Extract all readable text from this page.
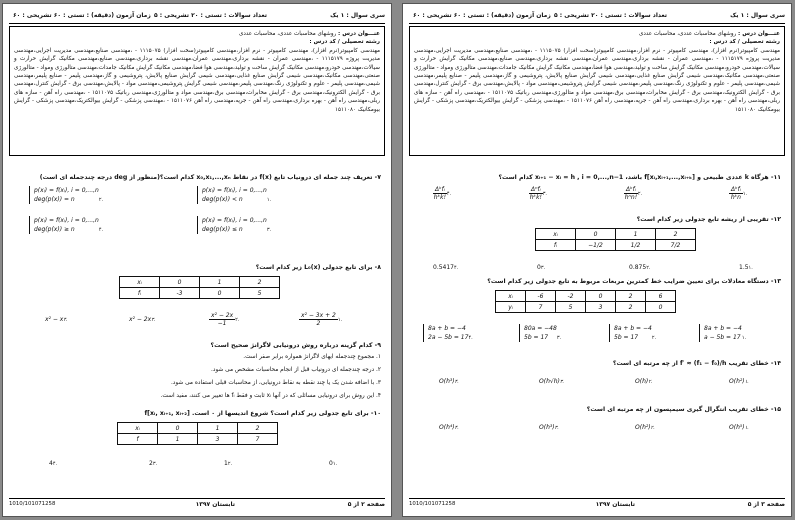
سری سوال : ۱ یک
تعداد سوالات : تستی : ۲۰ تشریحی : ۵
زمان آزمون (دقیقه) : تستی : ۶۰ تشریحی : ۶۰
عنـــوان درس : روشهای محاسبات عددی، محاسبات عددی
رشته تحصیلی / کد درس :
مهندسی کامپیوتر(نرم افزار)، مهندسی کامپیوتر - نرم افزار،مهندسی کامپیوتر(سخت افزار) ۱۱۱۵۰۷۵ - ،مهندسی صنایع،مهندسی مدیریت اجرایی،مهندسی مدیریت پروژه ۱۱۱۵۱۷۹ - ،مهندسی عمران - نقشه برداری،مهندسی عمران،مهندسی نقشه برداری،مهندسی صنایع،مهندسی مکانیک گرایش حرارت و سیالات،مهندسی خودرو،مهندسی مکانیک گرایش ساخت و تولید،مهندسی هوا فضا،مهندسی مکانیک گرایش مکانیک جامدات،مهندسی متالورژی ومواد - متالورژی صنعتی،مهندسی مکانیک،مهندسی شیمی گرایش صنایع غذایی،مهندسی شیمی گرایش صنایع پالایش، پتروشیمی و گاز،مهندسی پلیمر - صنایع پلیمر،مهندسی شیمی،مهندسی پلیمر - علوم و تکنولوژی رنگ،مهندسی پلیمر،مهندسی شیمی گرایش پتروشیمی،مهندسی مواد - پالایش،مهندسی برق - گرایش کنترل،مهندسی برق - گرایش الکترونیک،مهندسی برق - گرایش مخابرات،مهندسی برق،مهندسی مواد و متالورژی،مهندسی رباتیک ۱۵۱۱۰۷۵ - ،مهندسی راه آهن - سازه های ریلی،مهندسی راه آهن - بهره برداری،مهندسی راه آهن - جریه،مهندسی راه آهن ۱۵۱۱۰۷۶ - ،مهندسی پزشکی - گرایش بیوالکتریک،مهندسی پزشکی - گرایش بیومکانیک ۱۵۱۱۰۸۰
۷- تعریف چند جمله ای درونیاب تابع f(x) در نقاط x₀,x₁,...,xₙ کدام است؟(منظور از deg درجه چندجمله ای است)
p(xᵢ) = f(xᵢ), i = 0,...,n
deg(p(x)) < n	۱.
p(xᵢ) = f(xᵢ), i = 0,...,n
deg(p(x)) = n	۲.
p(xᵢ) = f(xᵢ), i = 0,...,n
deg(p(x)) ≤ n	۳.
p(xᵢ) = f(xᵢ), i = 0,...,n
deg(p(x)) ≥ n	۴.
۸- برای تابع جدولی L₀(x) زیر کدام است؟
xᵢ	0	1	2
fᵢ	-3	0	5
$\frac{\text{x² − 3x + 2}}{2}$ ۱.
$\frac{\text{x² − 2x}}{-1}$ ۲.
x² − 2x۳.
x² − x۴.
۹- کدام گزینه درباره روش درونیابی لاگرانژ صحیح است؟
۱. مجموع چندجمله ایهای لاگرانژ همواره برابر صفر است.
۲. درجه چندجمله ای درونیاب قبل از انجام محاسبات مشخص می شود.
۳. با اضافه شدن یک یا چند نقطه به نقاط درونیابی، از محاسبات قبلی استفاده می شود.
۴. این روش برای درونیابی مسائلی که در آنها xᵢ ثابت و فقط fᵢ ها تغییر می کنند، مفید است.
۱۰- برای تابع جدولی زیر کدام است؟ شروع اندیسها از ۰ است. f[xᵢ, xᵢ₊₁, xᵢ₊₂]
xᵢ	0	1	2
f	1	3	7
0۱.
1۲.
2۳.
4۴.
صفحه ۲ از ۵
تابستان ۱۳۹۷
1010/101071258
سری سوال : ۱ یک
تعداد سوالات : تستی : ۲۰ تشریحی : ۵
زمان آزمون (دقیقه) : تستی : ۶۰ تشریحی : ۶۰
عنـــوان درس : روشهای محاسبات عددی، محاسبات عددی
رشته تحصیلی / کد درس :
مهندسی کامپیوتر(نرم افزار)، مهندسی کامپیوتر - نرم افزار،مهندسی کامپیوتر(سخت افزار) ۱۱۱۵۰۷۵ - ،مهندسی صنایع،مهندسی مدیریت اجرایی،مهندسی مدیریت پروژه ۱۱۱۵۱۷۹ - ،مهندسی عمران - نقشه برداری،مهندسی عمران،مهندسی نقشه برداری،مهندسی صنایع،مهندسی مکانیک گرایش حرارت و سیالات،مهندسی خودرو،مهندسی مکانیک گرایش ساخت و تولید،مهندسی هوا فضا،مهندسی مکانیک گرایش مکانیک جامدات،مهندسی متالورژی ومواد - متالورژی صنعتی،مهندسی مکانیک،مهندسی شیمی گرایش صنایع غذایی،مهندسی شیمی گرایش صنایع پالایش، پتروشیمی و گاز،مهندسی پلیمر - صنایع پلیمر،مهندسی شیمی،مهندسی پلیمر - علوم و تکنولوژی رنگ،مهندسی پلیمر،مهندسی شیمی گرایش پتروشیمی،مهندسی مواد - پالایش،مهندسی برق - گرایش کنترل،مهندسی برق - گرایش الکترونیک،مهندسی برق - گرایش مخابرات،مهندسی برق،مهندسی مواد و متالورژی،مهندسی رباتیک ۱۵۱۱۰۷۵ - ،مهندسی راه آهن - سازه های ریلی،مهندسی راه آهن - بهره برداری،مهندسی راه آهن - جریه،مهندسی راه آهن ۱۵۱۱۰۷۶ - ،مهندسی پزشکی - گرایش بیوالکتریک،مهندسی پزشکی - گرایش بیومکانیک ۱۵۱۱۰۸۰
۱۱- هرگاه k عددی طبیعی و f[xᵢ,xᵢ₊₁,...,xᵢ₊ₖ] باشد، xᵢ₊₁ − xᵢ = h , i = 0,...,n−1 کدام است؟
$\frac{\text{Δᵏfᵢ}}{\text{hᵏn}}$ ۱.
$\frac{\text{Δᵏfᵢ}}{\text{hⁿn!}}$ ۲.
$\frac{\text{Δⁿfᵢ}}{\text{hᵏk!}}$ ۳.
$\frac{\text{Δᵏfᵢ}}{\text{hᵏk!}}$ ۴.
۱۲- تقریبی از ریشه تابع جدولی زیر کدام است؟
xᵢ	0	1	2
fᵢ	−1/2	1/2	7/2
1.5۱.
0.875۲.
0۳.
0.5417۴.
۱۳- دستگاه معادلات برای تعیین ضرایب خط کمترین مربعات مربوط به تابع جدولی زیر کدام است؟
xᵢ	-6	-2	0	2	6
yᵢ	7	5	3	2	0
8a + b = −4
a − 5b = 17۱.
8a + b = −4
5b = 17	۲.
80a = −48
5b = 17 ۳.
8a + b = −4
2a − 5b = 17۴.
۱۴- خطای تقریب f′ ≈ (f₁ − f₀)/h از چه مرتبه ای است؟
O(h²)۱.
O(h)۲.
O(h√h)۳.
O(h³)۴.
۱۵- خطای تقریب انتگرال گیری سیمپسون از چه مرتبه ای است؟
O(h⁵)۱.
O(h²)۲.
O(h³)۳.
O(h⁴)۴.
صفحه ۳ از ۵
تابستان ۱۳۹۷
1010/101071258
